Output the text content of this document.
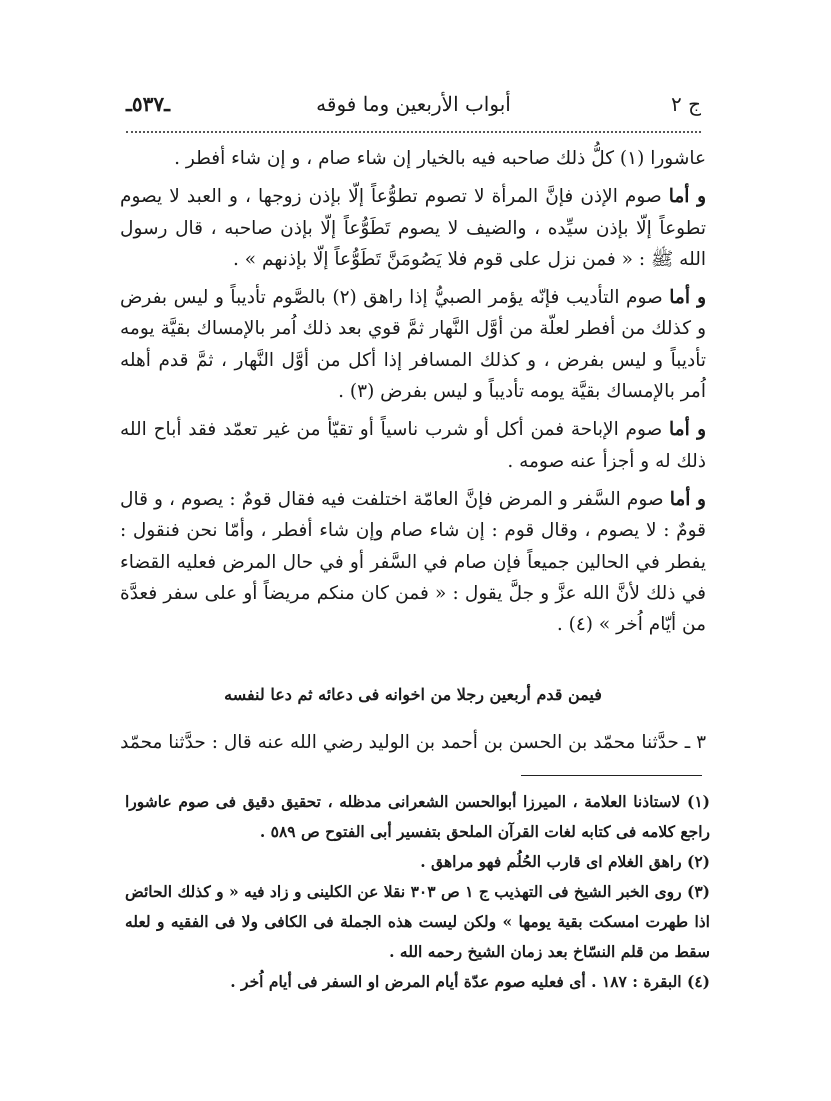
ج ٢
أبواب الأربعين وما فوقه
ـ٥٣٧ـ

عاشورا (١) كلُّ ذلك صاحبه فيه بالخيار إن شاء صام ، و إن شاء أفطر .

و أما صوم الإذن فإنَّ المرأة لا تصوم تطوُّعاً إلّا بإذن زوجها ، و العبد لا يصوم تطوعاً إلّا بإذن سيِّده ، والضيف لا يصوم تَطَوُّعاً إلّا بإذن صاحبه ، قال رسول الله ﷺ : « فمن نزل على قوم فلا يَصُومَنَّ تَطَوُّعاً إلّا بإذنهم » .

و أما صوم التأديب فإنّه يؤمر الصبيُّ إذا راهق (٢) بالصَّوم تأديباً و ليس بفرض و كذلك من أفطر لعلّة من أوَّل النَّهار ثمَّ قوي بعد ذلك اُمر بالإمساك بقيَّة يومه تأديباً و ليس بفرض ، و كذلك المسافر إذا أكل من أوَّل النَّهار ، ثمَّ قدم أهله اُمر بالإمساك بقيَّة يومه تأديباً و ليس بفرض (٣) .

و أما صوم الإباحة فمن أكل أو شرب ناسياً أو تقيّأ من غير تعمّد فقد أباح الله ذلك له و أجزأ عنه صومه .

و أما صوم السَّفر و المرض فإنَّ العامّة اختلفت فيه فقال قومٌ : يصوم ، و قال قومٌ : لا يصوم ، وقال قوم : إن شاء صام وإن شاء أفطر ، وأمّا نحن فنقول : يفطر في الحالين جميعاً فإن صام في السَّفر أو في حال المرض فعليه القضاء في ذلك لأنَّ الله عزَّ و جلَّ يقول : « فمن كان منكم مريضاً أو على سفر فعدَّة من أيّام اُخر » (٤) .

فيمن قدم أربعين رجلا من اخوانه فى دعائه ثم دعا لنفسه
٣ ـ حدَّثنا محمّد بن الحسن بن أحمد بن الوليد رضي الله عنه قال : حدَّثنا محمّد

(١) لاستاذنا العلامة ، الميرزا أبوالحسن الشعرانى مدظله ، تحقيق دقيق فى صوم عاشورا راجع كلامه فى كتابه لغات القرآن الملحق بتفسير أبى الفتوح ص ٥٨٩ .

(٢) راهق الغلام اى قارب الحُلُم فهو مراهق .

(٣) روى الخبر الشيخ فى التهذيب ج ١ ص ٣٠٣ نقلا عن الكلينى و زاد فيه « و كذلك الحائض اذا طهرت امسكت بقية يومها » ولكن ليست هذه الجملة فى الكافى ولا فى الفقيه و لعله سقط من قلم النسّاخ بعد زمان الشيخ رحمه الله .

(٤) البقرة : ١٨٧ . أى فعليه صوم عدّة أيام المرض او السفر فى أيام اُخر .
